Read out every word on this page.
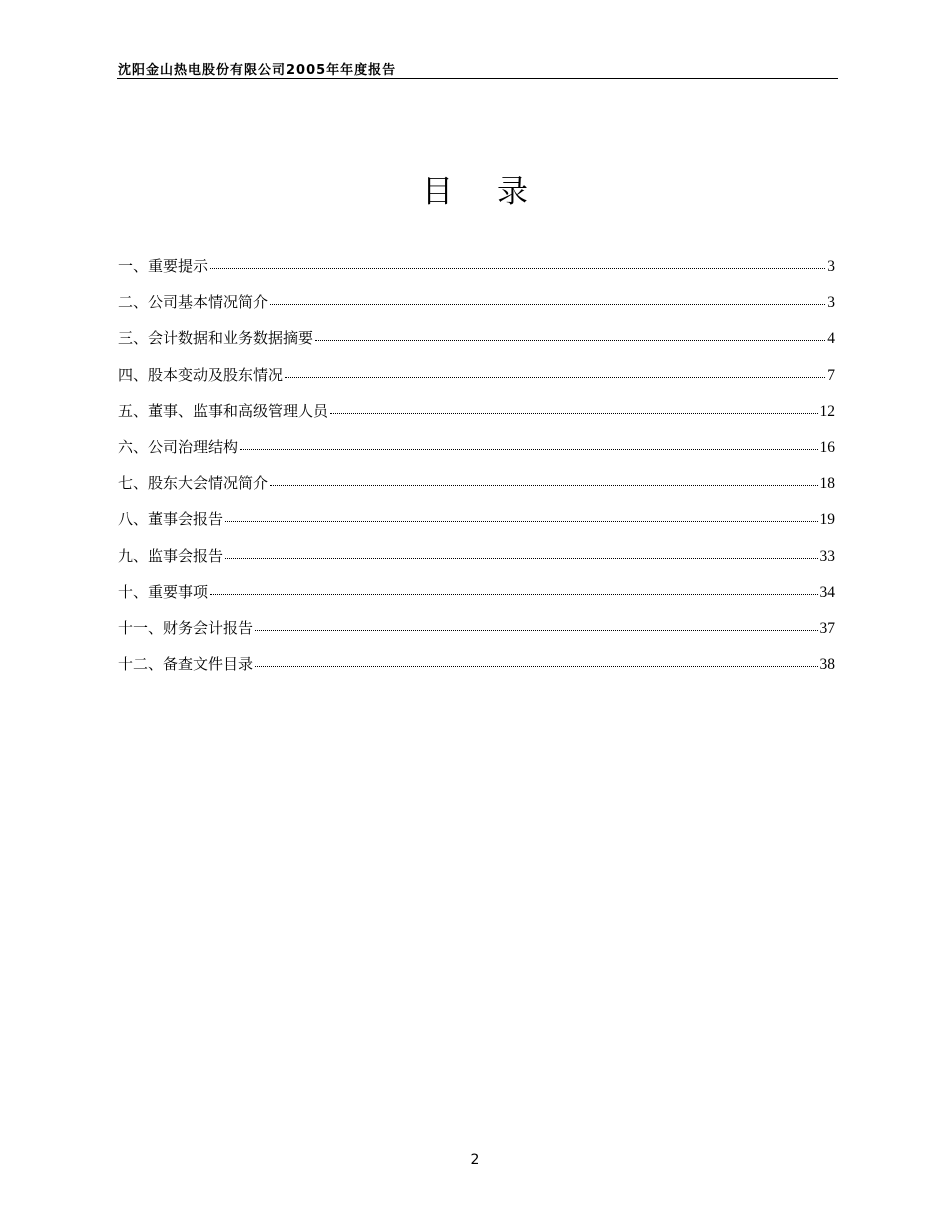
沈阳金山热电股份有限公司2005年年度报告
目录
一、重要提示	3
二、公司基本情况简介	3
三、会计数据和业务数据摘要	4
四、股本变动及股东情况	7
五、董事、监事和高级管理人员	12
六、公司治理结构	16
七、股东大会情况简介	18
八、董事会报告	19
九、监事会报告	33
十、重要事项	34
十一、财务会计报告	37
十二、备查文件目录	38
2
